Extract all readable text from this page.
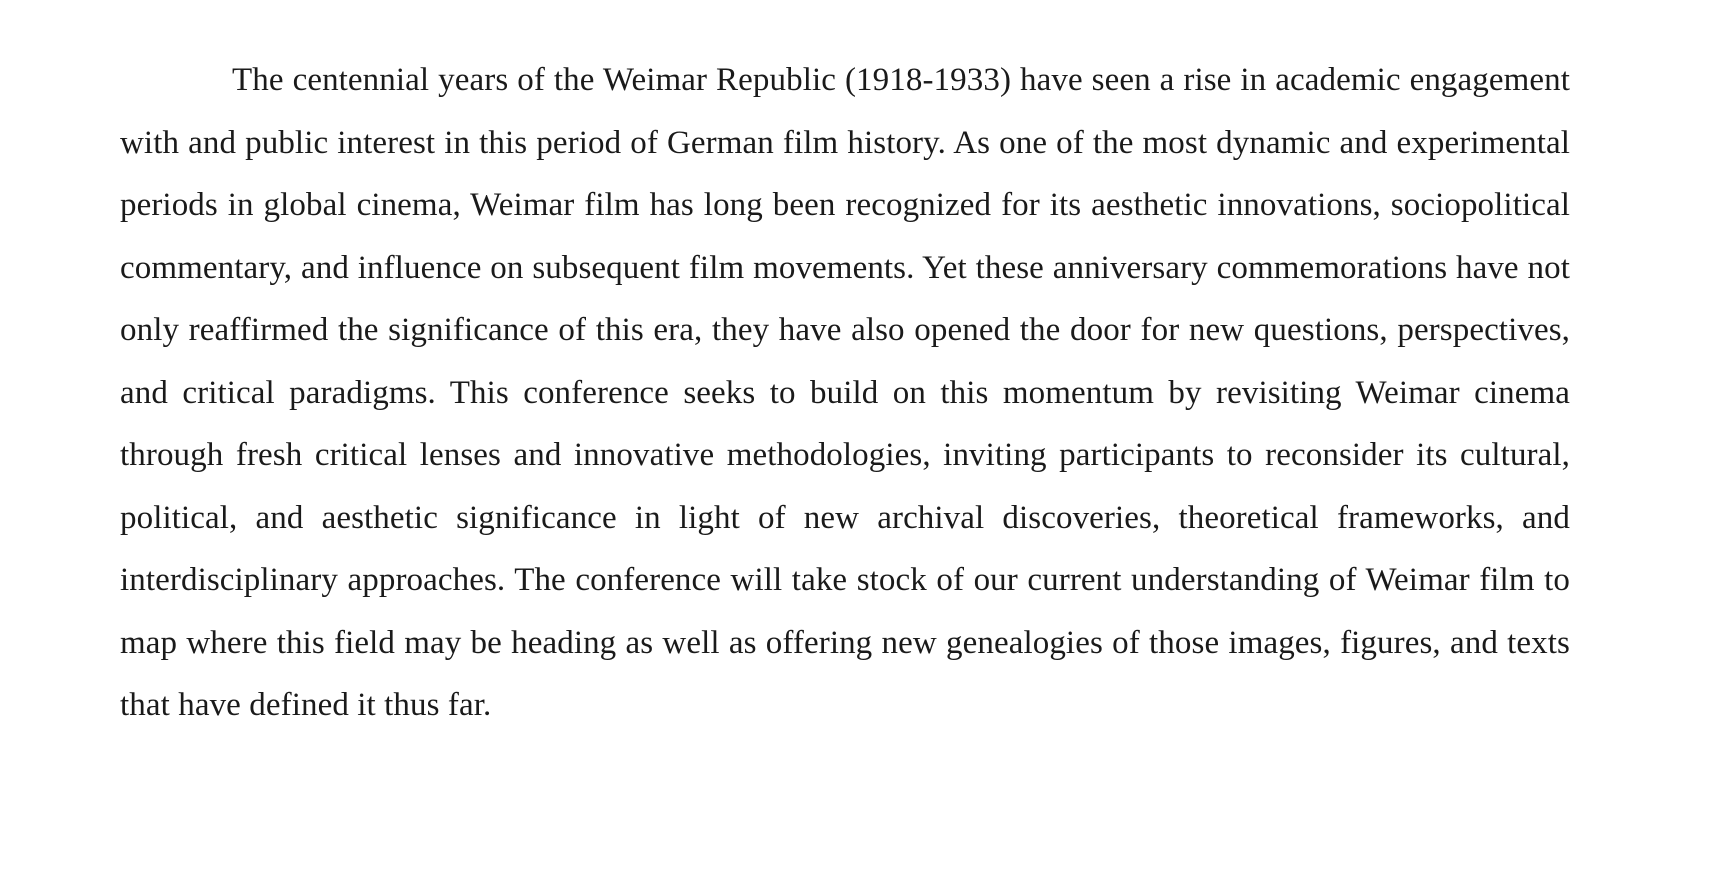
The centennial years of the Weimar Republic (1918-1933) have seen a rise in academic engagement with and public interest in this period of German film history. As one of the most dynamic and experimental periods in global cinema, Weimar film has long been recognized for its aesthetic innovations, sociopolitical commentary, and influence on subsequent film movements. Yet these anniversary commemorations have not only reaffirmed the significance of this era, they have also opened the door for new questions, perspectives, and critical paradigms. This conference seeks to build on this momentum by revisiting Weimar cinema through fresh critical lenses and innovative methodologies, inviting participants to reconsider its cultural, political, and aesthetic significance in light of new archival discoveries, theoretical frameworks, and interdisciplinary approaches. The conference will take stock of our current understanding of Weimar film to map where this field may be heading as well as offering new genealogies of those images, figures, and texts that have defined it thus far.
